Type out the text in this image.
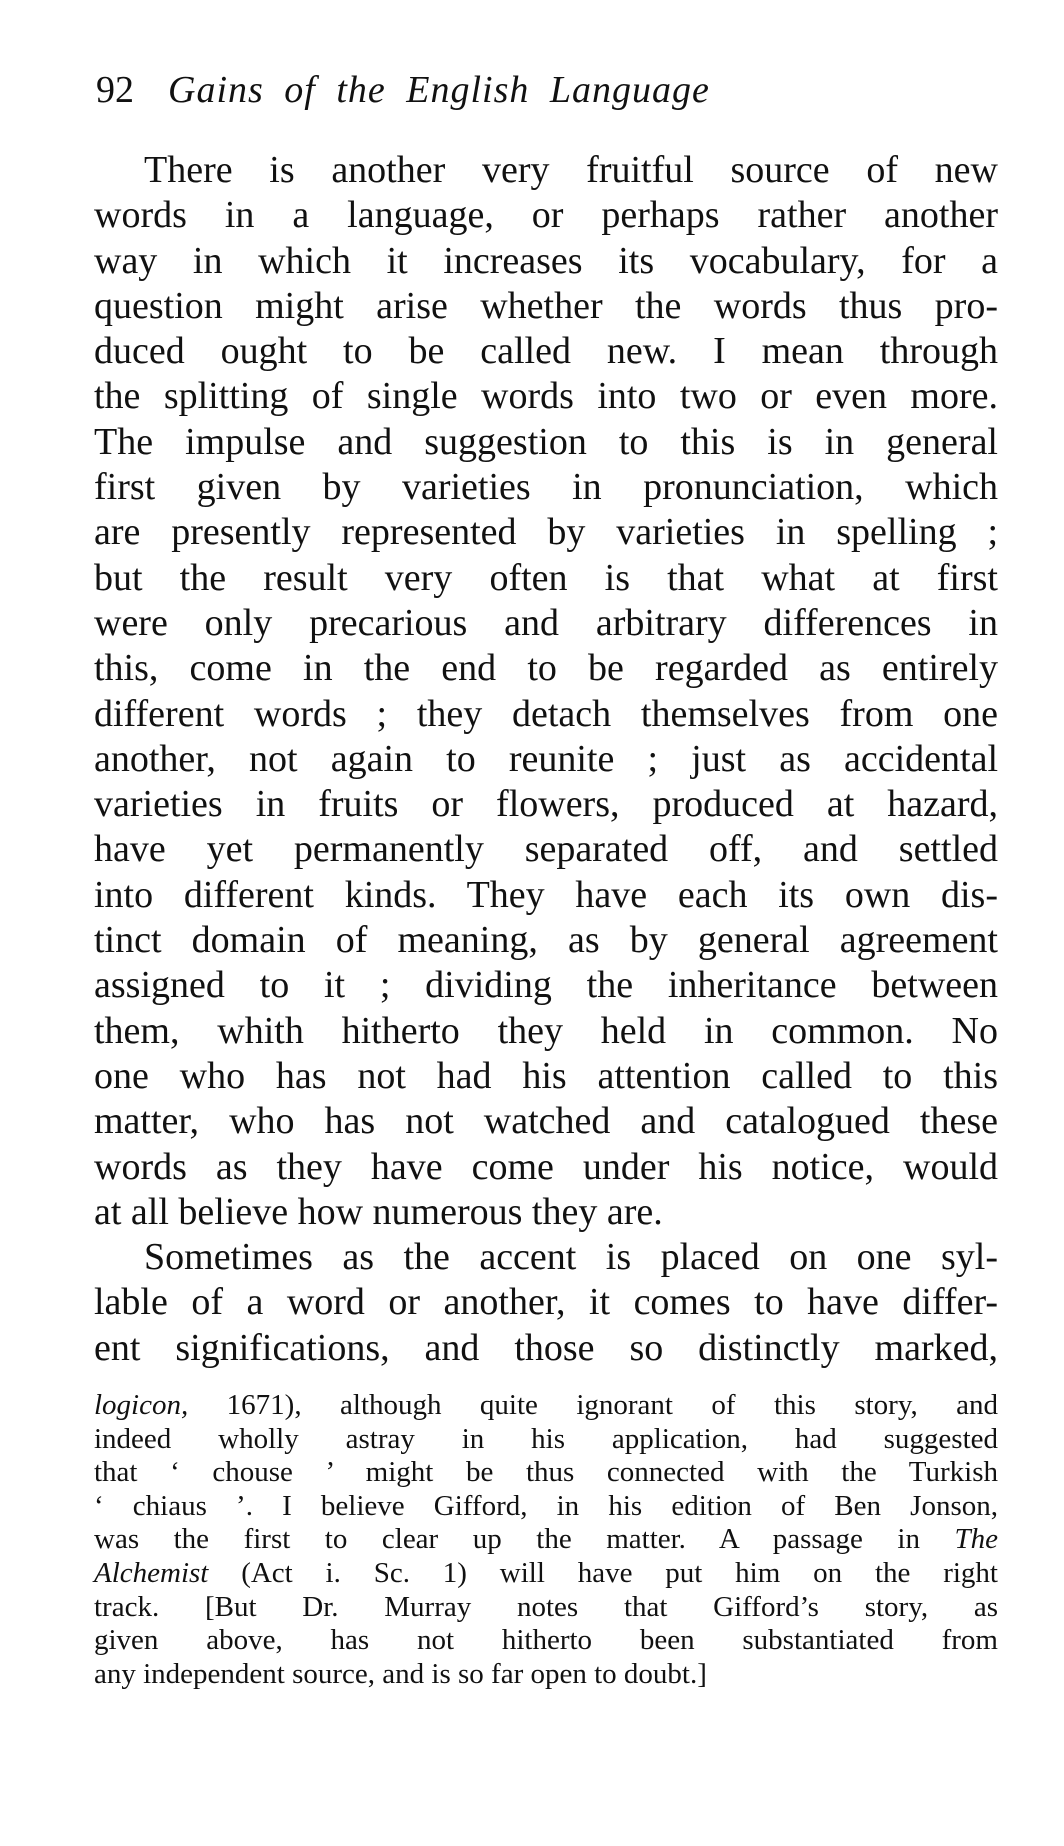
92 Gains of the English Language
There is another very fruitful source of new
words in a language, or perhaps rather another
way in which it increases its vocabulary, for a
question might arise whether the words thus pro-
duced ought to be called new. I mean through
the splitting of single words into two or even more.
The impulse and suggestion to this is in general
first given by varieties in pronunciation, which
are presently represented by varieties in spelling ;
but the result very often is that what at first
were only precarious and arbitrary differences in
this, come in the end to be regarded as entirely
different words ; they detach themselves from one
another, not again to reunite ; just as accidental
varieties in fruits or flowers, produced at hazard,
have yet permanently separated off, and settled
into different kinds. They have each its own dis-
tinct domain of meaning, as by general agreement
assigned to it ; dividing the inheritance between
them, whith hitherto they held in common. No
one who has not had his attention called to this
matter, who has not watched and catalogued these
words as they have come under his notice, would
at all believe how numerous they are.
Sometimes as the accent is placed on one syl-
lable of a word or another, it comes to have differ-
ent significations, and those so distinctly marked,
logicon, 1671), although quite ignorant of this story, and
indeed wholly astray in his application, had suggested
that ‘ chouse ’ might be thus connected with the Turkish
‘ chiaus ’. I believe Gifford, in his edition of Ben Jonson,
was the first to clear up the matter. A passage in The
Alchemist (Act i. Sc. 1) will have put him on the right
track. [But Dr. Murray notes that Gifford’s story, as
given above, has not hitherto been substantiated from
any independent source, and is so far open to doubt.]
